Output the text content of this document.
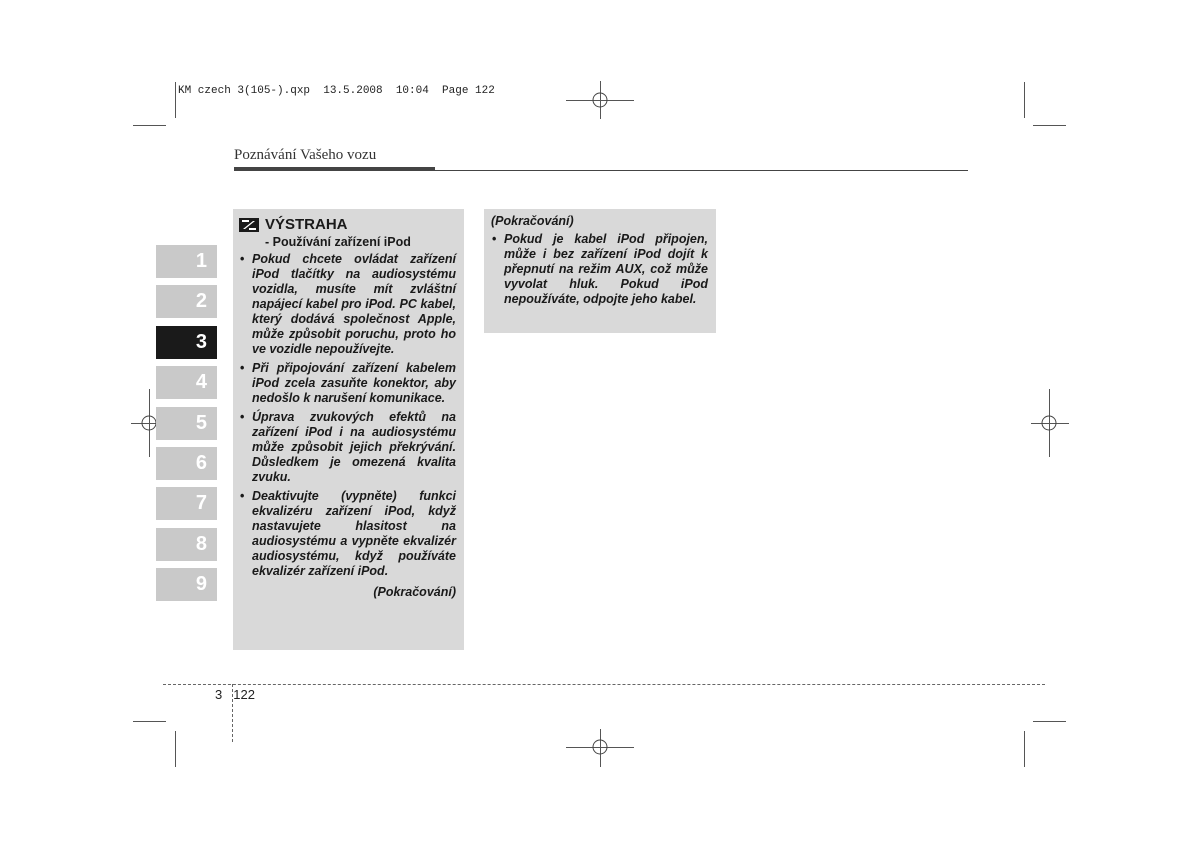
KM czech 3(105-).qxp  13.5.2008  10:04  Page 122
Poznávání Vašeho vozu
1
2
3
4
5
6
7
8
9
VÝSTRAHA
- Používání zařízení iPod
• Pokud chcete ovládat zařízení iPod tlačítky na audiosystému vozidla, musíte mít zvláštní napájecí kabel pro iPod. PC kabel, který dodává společnost Apple, může způsobit poruchu, proto ho ve vozidle nepoužívejte.
• Při připojování zařízení kabelem iPod zcela zasuňte konektor, aby nedošlo k narušení komunikace.
• Úprava zvukových efektů na zařízení iPod i na audiosystému může způsobit jejich překrývání. Důsledkem je omezená kvalita zvuku.
• Deaktivujte (vypněte) funkci ekvalizéru zařízení iPod, když nastavujete hlasitost na audiosystému a vypněte ekvalizér audiosystému, když používáte ekvalizér zařízení iPod.
(Pokračování)
(Pokračování)
• Pokud je kabel iPod připojen, může i bez zařízení iPod dojít k přepnutí na režim AUX, což může vyvolat hluk. Pokud iPod nepoužíváte, odpojte jeho kabel.
3 122
